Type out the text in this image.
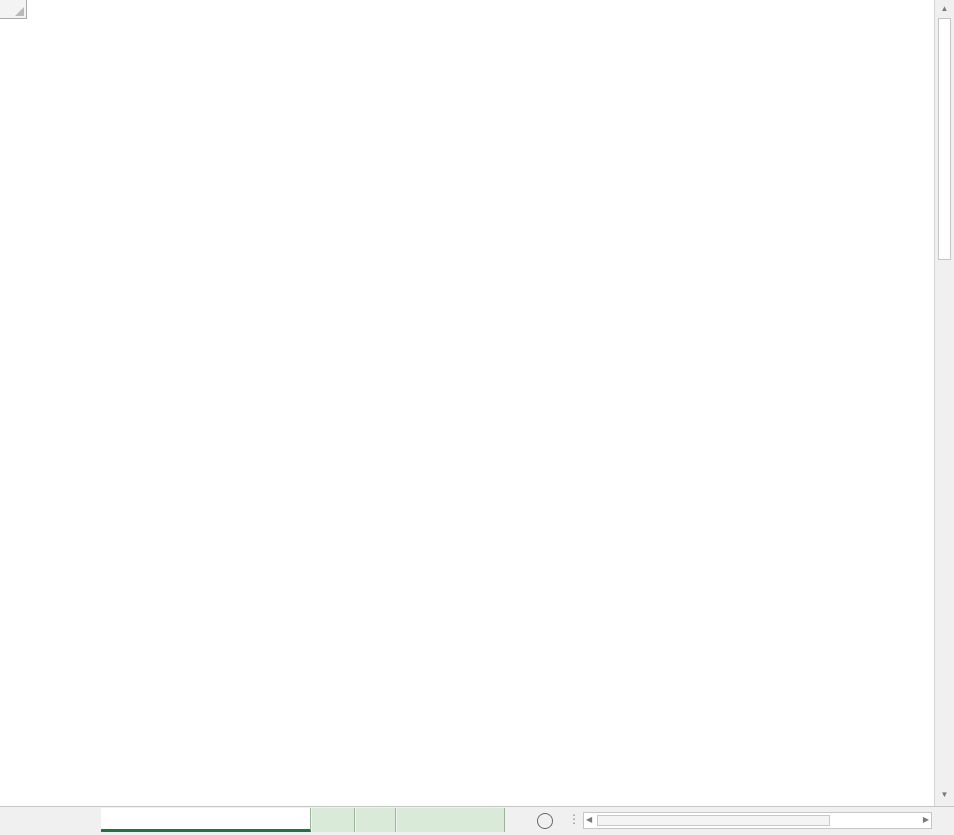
▲
▼
⋮ ◀	▶
